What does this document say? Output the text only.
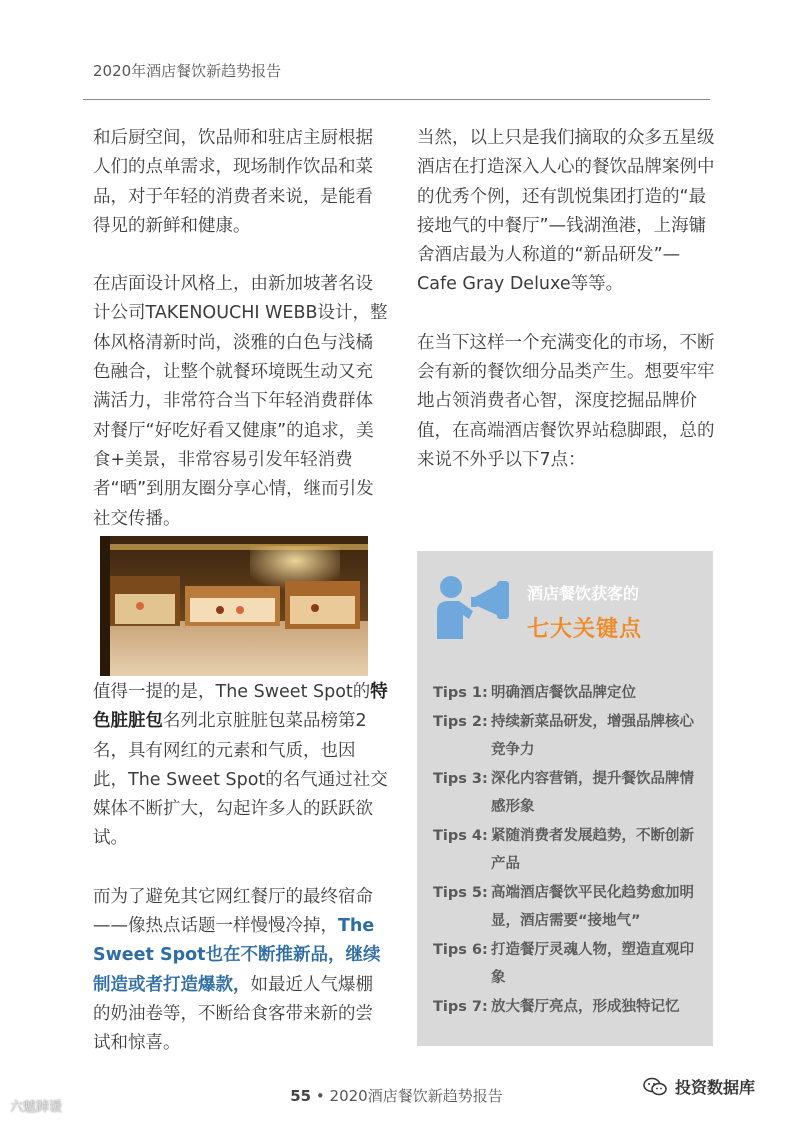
2020年酒店餐饮新趋势报告

和后厨空间，饮品师和驻店主厨根据人们的点单需求，现场制作饮品和菜品，对于年轻的消费者来说，是能看得见的新鲜和健康。

在店面设计风格上，由新加坡著名设计公司TAKENOUCHI WEBB设计，整体风格清新时尚，淡雅的白色与浅橘色融合，让整个就餐环境既生动又充满活力，非常符合当下年轻消费群体对餐厅“好吃好看又健康”的追求，美食+美景，非常容易引发年轻消费者“晒”到朋友圈分享心情，继而引发社交传播。

值得一提的是，The Sweet Spot的特色脏脏包名列北京脏脏包菜品榜第2名，具有网红的元素和气质，也因此，The Sweet Spot的名气通过社交媒体不断扩大，勾起许多人的跃跃欲试。

而为了避免其它网红餐厅的最终宿命——像热点话题一样慢慢冷掉，The Sweet Spot也在不断推新品，继续制造或者打造爆款，如最近人气爆棚的奶油卷等，不断给食客带来新的尝试和惊喜。

当然，以上只是我们摘取的众多五星级酒店在打造深入人心的餐饮品牌案例中的优秀个例，还有凯悦集团打造的“最接地气的中餐厅”—钱湖渔港，上海镛舍酒店最为人称道的“新品研发”—Cafe Gray Deluxe等等。

在当下这样一个充满变化的市场，不断会有新的餐饮细分品类产生。想要牢牢地占领消费者心智，深度挖掘品牌价值，在高端酒店餐饮界站稳脚跟，总的来说不外乎以下7点：

酒店餐饮获客的
七大关键点
Tips 1: 明确酒店餐饮品牌定位
Tips 2: 持续新菜品研发，增强品牌核心竞争力
Tips 3: 深化内容营销，提升餐饮品牌情感形象
Tips 4: 紧随消费者发展趋势，不断创新产品
Tips 5: 高端酒店餐饮平民化趋势愈加明显，酒店需要“接地气”
Tips 6: 打造餐厅灵魂人物，塑造直观印象
Tips 7: 放大餐厅亮点，形成独特记忆
55 • 2020酒店餐饮新趋势报告
六魃踔谖
投资数据库
